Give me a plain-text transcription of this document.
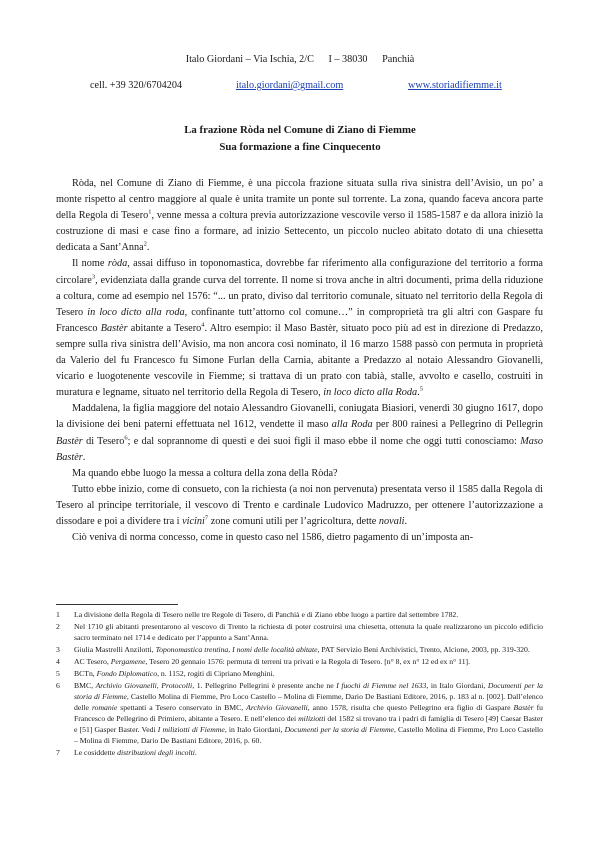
Italo Giordani – Via Ischia, 2/C I – 38030 Panchià
cell. +39 320/6704204	italo.giordani@gmail.com	www.storiadifiemme.it
La frazione Ròda nel Comune di Ziano di Fiemme
Sua formazione a fine Cinquecento

Ròda, nel Comune di Ziano di Fiemme, è una piccola frazione situata sulla riva sinistra dell’Avisio, un po’ a monte rispetto al centro maggiore al quale è unita tramite un ponte sul torrente. La zona, quando faceva ancora parte della Regola di Tesero$^1$, venne messa a coltura previa autorizzazione vescovile verso il 1585-1587 e da allora iniziò la costruzione di masi e case fino a formare, ad inizio Settecento, un piccolo nucleo abitato dotato di una chiesetta dedicata a Sant’Anna$^2$.

Il nome ròda, assai diffuso in toponomastica, dovrebbe far riferimento alla configurazione del territorio a forma circolare$^3$, evidenziata dalla grande curva del torrente. Il nome si trova anche in altri documenti, prima della riduzione a coltura, come ad esempio nel 1576: “... un prato, diviso dal territorio comunale, situato nel territorio della Regola di Tesero in loco dicto alla roda, confinante tutt’attorno col comune…” in comproprietà tra gli altri con Gaspare fu Francesco Bastèr abitante a Tesero$^4$. Altro esempio: il Maso Bastèr, situato poco più ad est in direzione di Predazzo, sempre sulla riva sinistra dell’Avisio, ma non ancora così nominato, il 16 marzo 1588 passò con permuta in proprietà da Valerio del fu Francesco fu Simone Furlan della Carnia, abitante a Predazzo al notaio Alessandro Giovanelli, vicario e luogotenente vescovile in Fiemme; si trattava di un prato con tabià, stalle, avvolto e casello, costruiti in muratura e legname, situato nel territorio della Regola di Tesero, in loco dicto alla Roda.$^5$

Maddalena, la figlia maggiore del notaio Alessandro Giovanelli, coniugata Biasiori, venerdì 30 giugno 1617, dopo la divisione dei beni paterni effettuata nel 1612, vendette il maso alla Roda per 800 rainesi a Pellegrino di Pellegrin Bastèr di Tesero$^6$; e dal soprannome di questi e dei suoi figli il maso ebbe il nome che oggi tutti conosciamo: Maso Bastèr.

Ma quando ebbe luogo la messa a coltura della zona della Ròda?

Tutto ebbe inizio, come di consueto, con la richiesta (a noi non pervenuta) presentata verso il 1585 dalla Regola di Tesero al principe territoriale, il vescovo di Trento e cardinale Ludovico Madruzzo, per ottenere l’autorizzazione a dissodare e poi a dividere tra i vicini$^7$ zone comuni utili per l’agricoltura, dette novali.

Ciò veniva di norma concesso, come in questo caso nel 1586, dietro pagamento di un’imposta an-

1	La divisione della Regola di Tesero nelle tre Regole di Tesero, di Panchià e di Ziano ebbe luogo a partire dal settembre 1782.
2	Nel 1710 gli abitanti presentarono al vescovo di Trento la richiesta di poter costruirsi una chiesetta, ottenuta la quale realizzarono un piccolo edificio sacro terminato nel 1714 e dedicato per l’appunto a Sant’Anna.
3	Giulia Mastrelli Anzilotti, Toponomastica trentina, I nomi delle località abitate, PAT Servizio Beni Archivistici, Trento, Alcione, 2003, pp. 319-320.
4	AC Tesero, Pergamene, Tesero 20 gennaio 1576: permuta di terreni tra privati e la Regola di Tesero. [n° 8, ex n° 12 ed ex n° 11].
5	BCTn, Fondo Diplomatico, n. 1152, rogiti di Cipriano Menghini.
6	BMC, Archivio Giovanelli, Protocolli, 1. Pellegrino Pellegrini è presente anche ne I fuochi di Fiemme nel 1633, in Italo Giordani, Documenti per la storia di Fiemme, Castello Molina di Fiemme, Pro Loco Castello – Molina di Fiemme, Dario De Bastiani Editore, 2016, p. 183 al n. [002]. Dall’elenco delle romanie spettanti a Tesero conservato in BMC, Archivio Giovanelli, anno 1578, risulta che questo Pellegrino era figlio di Gaspare Bastèr fu Francesco de Pellegrino di Primiero, abitante a Tesero. E nell’elenco dei miliziotti del 1582 si trovano tra i padri di famiglia di Tesero [49] Caesar Baster e [51] Gasper Baster. Vedi I miliziotti di Fiemme, in Italo Giordani, Documenti per la storia di Fiemme, Castello Molina di Fiemme, Pro Loco Castello – Molina di Fiemme, Dario De Bastiani Editore, 2016, p. 60.
7	Le cosiddette distribuzioni degli incolti.
